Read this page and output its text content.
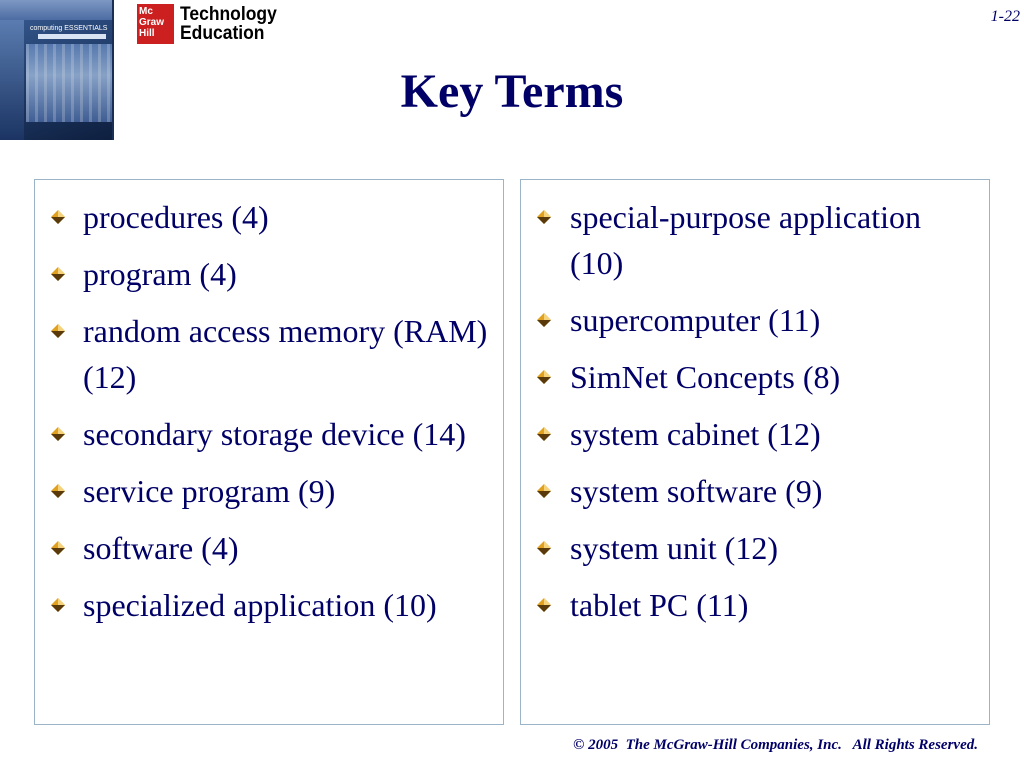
computing ESSENTIALS
Mc
Graw
Hill
Technology
Education
1-22
Key Terms
procedures (4)
program (4)
random access memory (RAM) (12)
secondary storage device (14)
service program (9)
software (4)
specialized application (10)
special-purpose application (10)
supercomputer (11)
SimNet Concepts (8)
system cabinet (12)
system software (9)
system unit (12)
tablet PC (11)
© 2005  The McGraw-Hill Companies, Inc.   All Rights Reserved.
